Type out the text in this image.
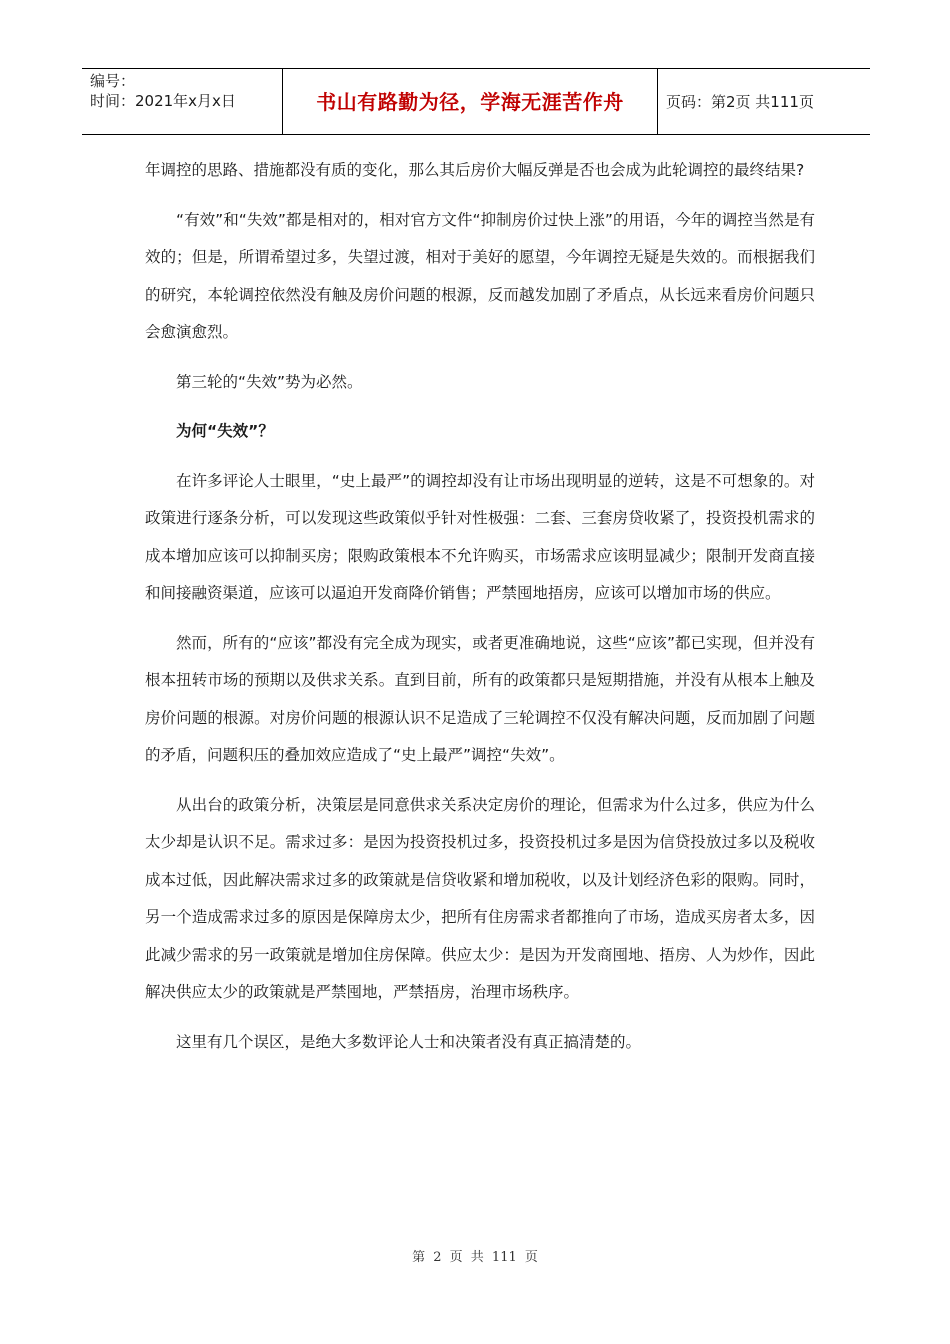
编号：
时间：2021年x月x日	书山有路勤为径，学海无涯苦作舟	页码：第2页 共111页

年调控的思路、措施都没有质的变化，那么其后房价大幅反弹是否也会成为此轮调控的最终结果?

“有效”和“失效”都是相对的，相对官方文件“抑制房价过快上涨”的用语，今年的调控当然是有效的；但是，所谓希望过多，失望过渡，相对于美好的愿望，今年调控无疑是失效的。而根据我们的研究，本轮调控依然没有触及房价问题的根源，反而越发加剧了矛盾点，从长远来看房价问题只会愈演愈烈。

第三轮的“失效”势为必然。

为何“失效”？

在许多评论人士眼里，“史上最严”的调控却没有让市场出现明显的逆转，这是不可想象的。对政策进行逐条分析，可以发现这些政策似乎针对性极强：二套、三套房贷收紧了，投资投机需求的成本增加应该可以抑制买房；限购政策根本不允许购买，市场需求应该明显减少；限制开发商直接和间接融资渠道，应该可以逼迫开发商降价销售；严禁囤地捂房，应该可以增加市场的供应。

然而，所有的“应该”都没有完全成为现实，或者更准确地说，这些“应该”都已实现，但并没有根本扭转市场的预期以及供求关系。直到目前，所有的政策都只是短期措施，并没有从根本上触及房价问题的根源。对房价问题的根源认识不足造成了三轮调控不仅没有解决问题，反而加剧了问题的矛盾，问题积压的叠加效应造成了“史上最严”调控“失效”。

从出台的政策分析，决策层是同意供求关系决定房价的理论，但需求为什么过多，供应为什么太少却是认识不足。需求过多：是因为投资投机过多，投资投机过多是因为信贷投放过多以及税收成本过低，因此解决需求过多的政策就是信贷收紧和增加税收，以及计划经济色彩的限购。同时，另一个造成需求过多的原因是保障房太少，把所有住房需求者都推向了市场，造成买房者太多，因此减少需求的另一政策就是增加住房保障。供应太少：是因为开发商囤地、捂房、人为炒作，因此解决供应太少的政策就是严禁囤地，严禁捂房，治理市场秩序。

这里有几个误区，是绝大多数评论人士和决策者没有真正搞清楚的。

第 2 页 共 111 页
